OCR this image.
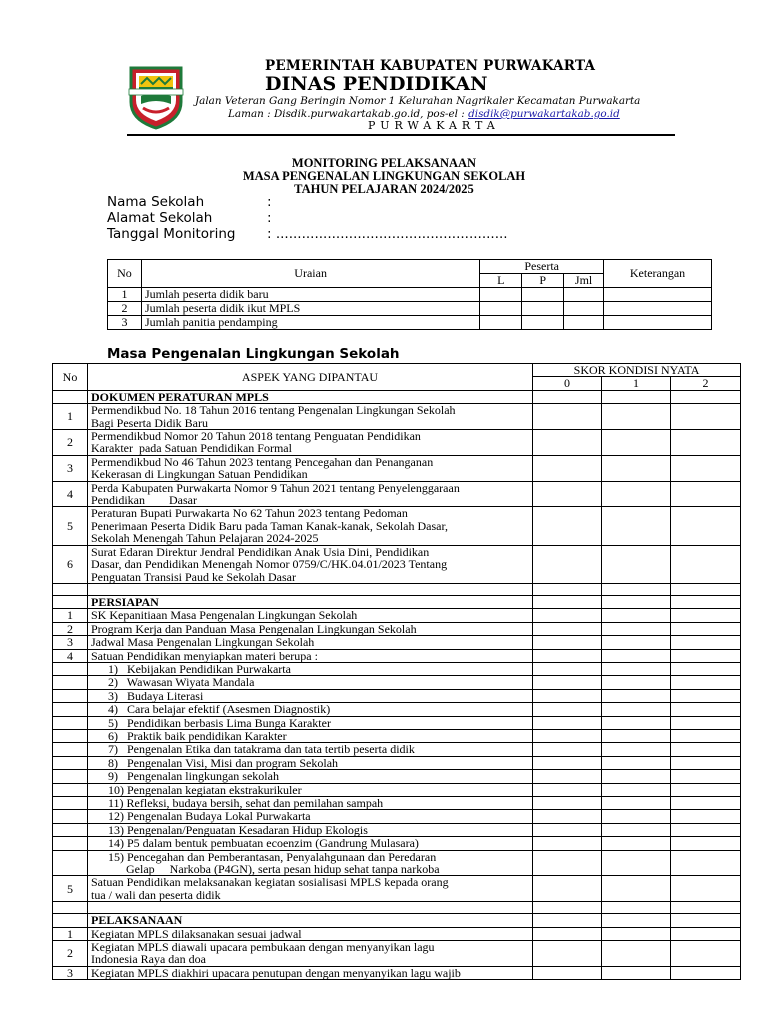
PEMERINTAH KABUPATEN PURWAKARTA
DINAS PENDIDIKAN
Jalan Veteran Gang Beringin Nomor 1 Kelurahan Nagrikaler Kecamatan Purwakarta
Laman : Disdik.purwakartakab.go.id, pos-el : disdik@purwakartakab.go.id
PURWAKARTA
MONITORING PELAKSANAAN
MASA PENGENALAN LINGKUNGAN SEKOLAH
TAHUN PELAJARAN 2024/2025
Nama Sekolah	:
Alamat Sekolah	:
Tanggal Monitoring : ......................................................
No	Uraian	Peserta			Keterangan
		L	P	Jml	
1	Jumlah peserta didik baru				
2	Jumlah peserta didik ikut MPLS				
3	Jumlah panitia pendamping				
Masa Pengenalan Lingkungan Sekolah
No	ASPEK YANG DIPANTAU	SKOR KONDISI NYATA		
		0	1	2
	DOKUMEN PERATURAN MPLS			
1	Permendikbud No. 18 Tahun 2016 tentang Pengenalan Lingkungan Sekolah
Bagi Peserta Didik Baru			

2	Permendikbud Nomor 20 Tahun 2018 tentang Penguatan Pendidikan
Karakter  pada Satuan Pendidikan Formal			

3	Permendikbud No 46 Tahun 2023 tentang Pencegahan dan Penanganan
Kekerasan di Lingkungan Satuan Pendidikan			

4	Perda Kabupaten Purwakarta Nomor 9 Tahun 2021 tentang Penyelenggaraan
Pendidikan        Dasar			

5	Peraturan Bupati Purwakarta No 62 Tahun 2023 tentang Pedoman
Penerimaan Peserta Didik Baru pada Taman Kanak-kanak, Sekolah Dasar,
Sekolah Menengah Tahun Pelajaran 2024-2025			

6	Surat Edaran Direktur Jendral Pendidikan Anak Usia Dini, Pendidikan
Dasar, dan Pendidikan Menengah Nomor 0759/C/HK.04.01/2023 Tentang
Penguatan Transisi Paud ke Sekolah Dasar			

	PERSIAPAN			
1	SK Kepanitiaan Masa Pengenalan Lingkungan Sekolah			
2	Program Kerja dan Panduan Masa Pengenalan Lingkungan Sekolah			
3	Jadwal Masa Pengenalan Lingkungan Sekolah			
4	Satuan Pendidikan menyiapkan materi berupa :			
	1)   Kebijakan Pendidikan Purwakarta			
	2)   Wawasan Wiyata Mandala			
	3)   Budaya Literasi			
	4)   Cara belajar efektif (Asesmen Diagnostik)			
	5)   Pendidikan berbasis Lima Bunga Karakter			
	6)   Praktik baik pendidikan Karakter			
	7)   Pengenalan Etika dan tatakrama dan tata tertib peserta didik			
	8)   Pengenalan Visi, Misi dan program Sekolah			
	9)   Pengenalan lingkungan sekolah			
	10) Pengenalan kegiatan ekstrakurikuler			
	11) Refleksi, budaya bersih, sehat dan pemilahan sampah			
	12) Pengenalan Budaya Lokal Purwakarta			
	13) Pengenalan/Penguatan Kesadaran Hidup Ekologis			
	14) P5 dalam bentuk pembuatan ecoenzim (Gandrung Mulasara)			

	15) Pencegahan dan Pemberantasan, Penyalahgunaan dan Peredaran
Gelap     Narkoba (P4GN), serta pesan hidup sehat tanpa narkoba			

5	Satuan Pendidikan melaksanakan kegiatan sosialisasi MPLS kepada orang
tua / wali dan peserta didik			

	PELAKSANAAN			
1	Kegiatan MPLS dilaksanakan sesuai jadwal			
2	Kegiatan MPLS diawali upacara pembukaan dengan menyanyikan lagu
Indonesia Raya dan doa			

3	Kegiatan MPLS diakhiri upacara penutupan dengan menyanyikan lagu wajib			
